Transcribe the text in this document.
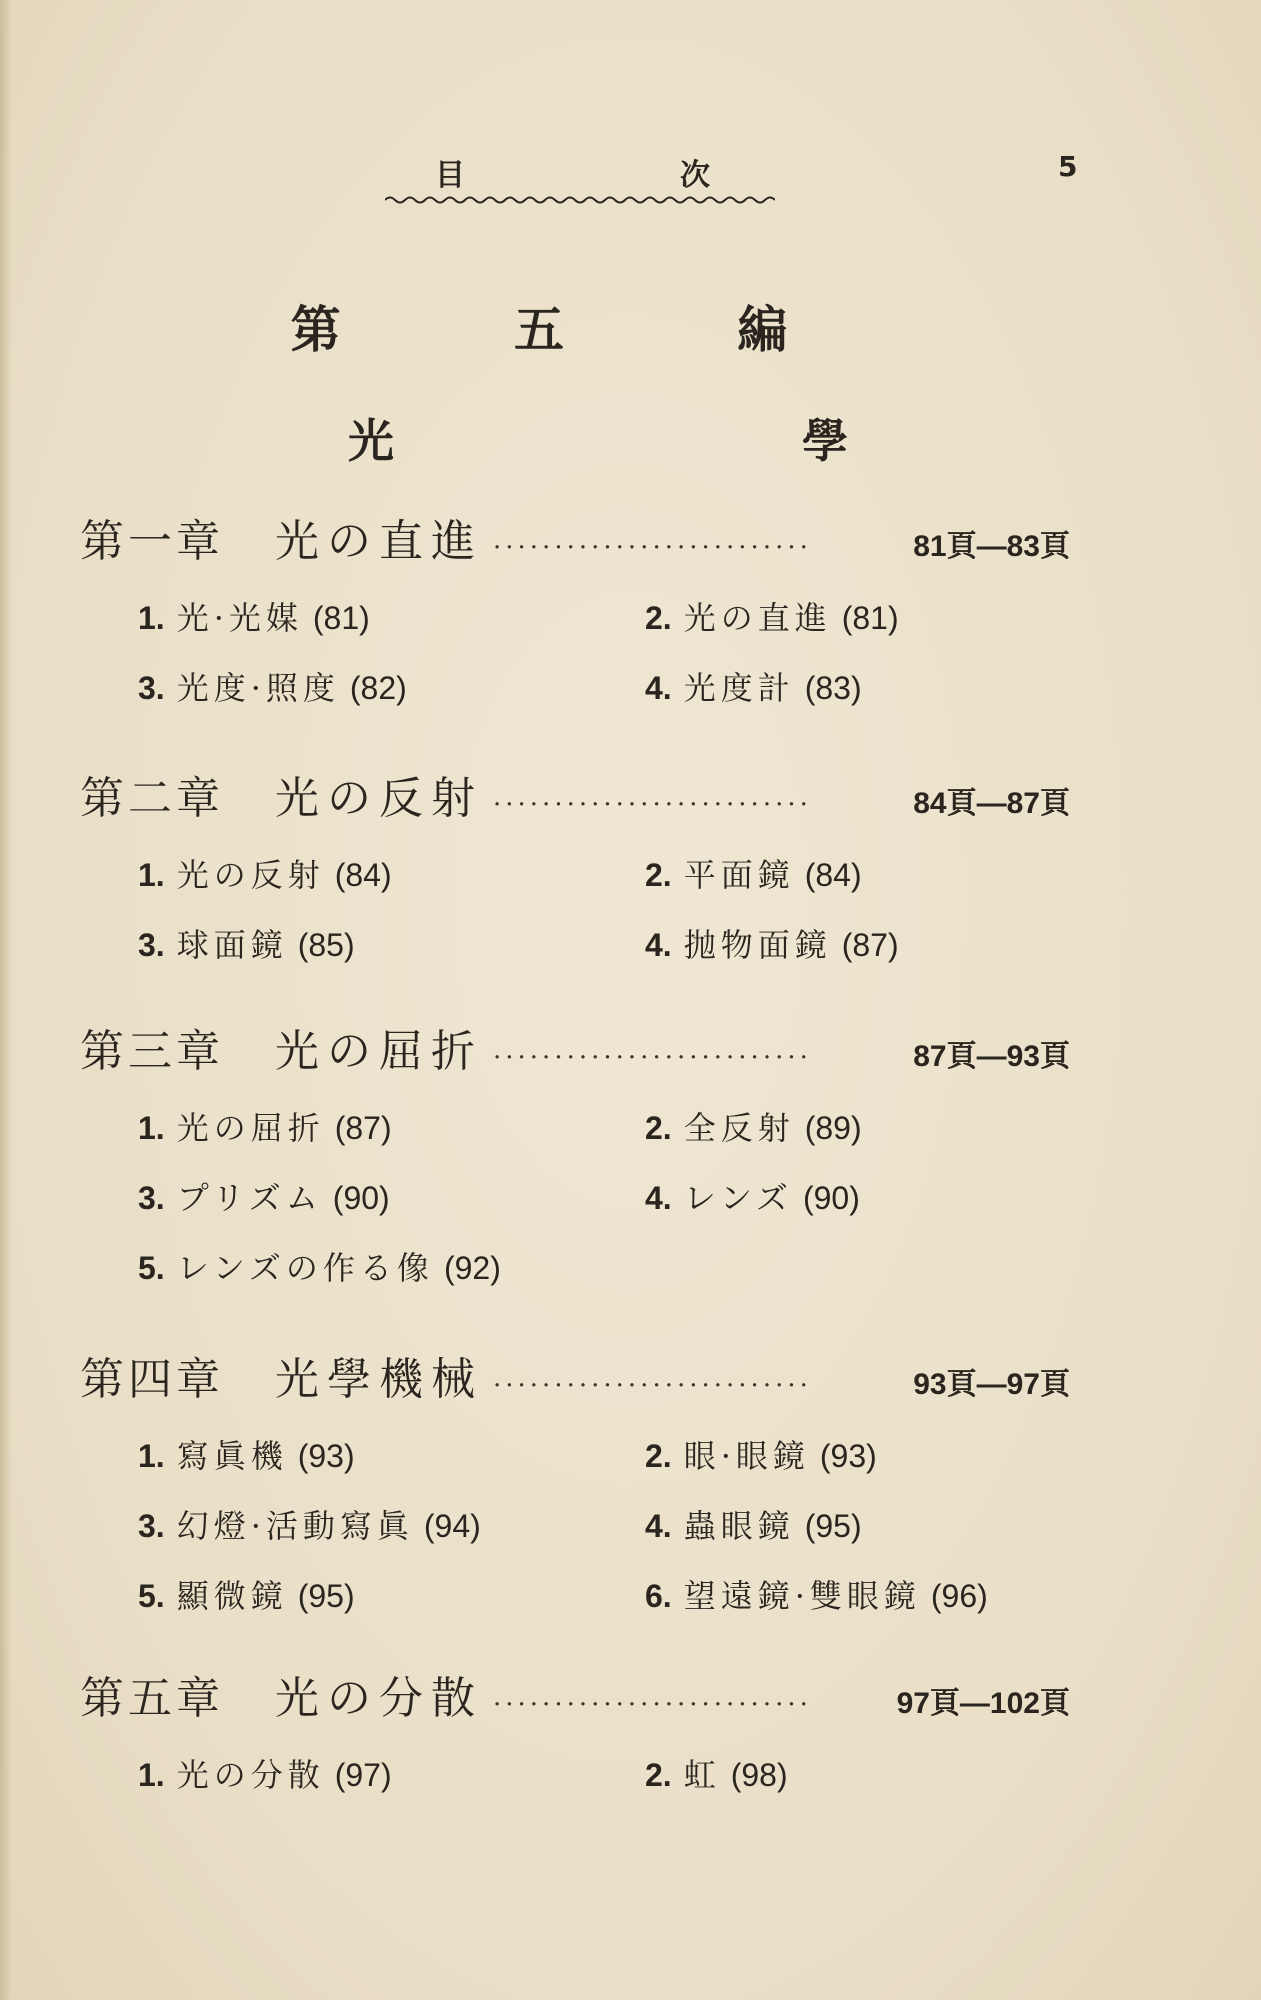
目	次	5
第 五 編
光 學
第一章	光の直進 ··························	81頁—83頁
1. 光·光媒 (81)	2. 光の直進 (81)
3. 光度·照度 (82)	4. 光度計 (83)
第二章	光の反射 ··························	84頁—87頁
1. 光の反射 (84)	2. 平面鏡 (84)
3. 球面鏡 (85)	4. 抛物面鏡 (87)
第三章	光の屈折 ··························	87頁—93頁
1. 光の屈折 (87)	2. 全反射 (89)
3. プリズム (90)	4. レンズ (90)
5. レンズの作る像 (92)
第四章	光學機械 ··························	93頁—97頁
1. 寫眞機 (93)	2. 眼·眼鏡 (93)
3. 幻燈·活動寫眞 (94)	4. 蟲眼鏡 (95)
5. 顯微鏡 (95)	6. 望遠鏡·雙眼鏡 (96)
第五章	光の分散 ··························	97頁—102頁
1. 光の分散 (97)	2. 虹 (98)
